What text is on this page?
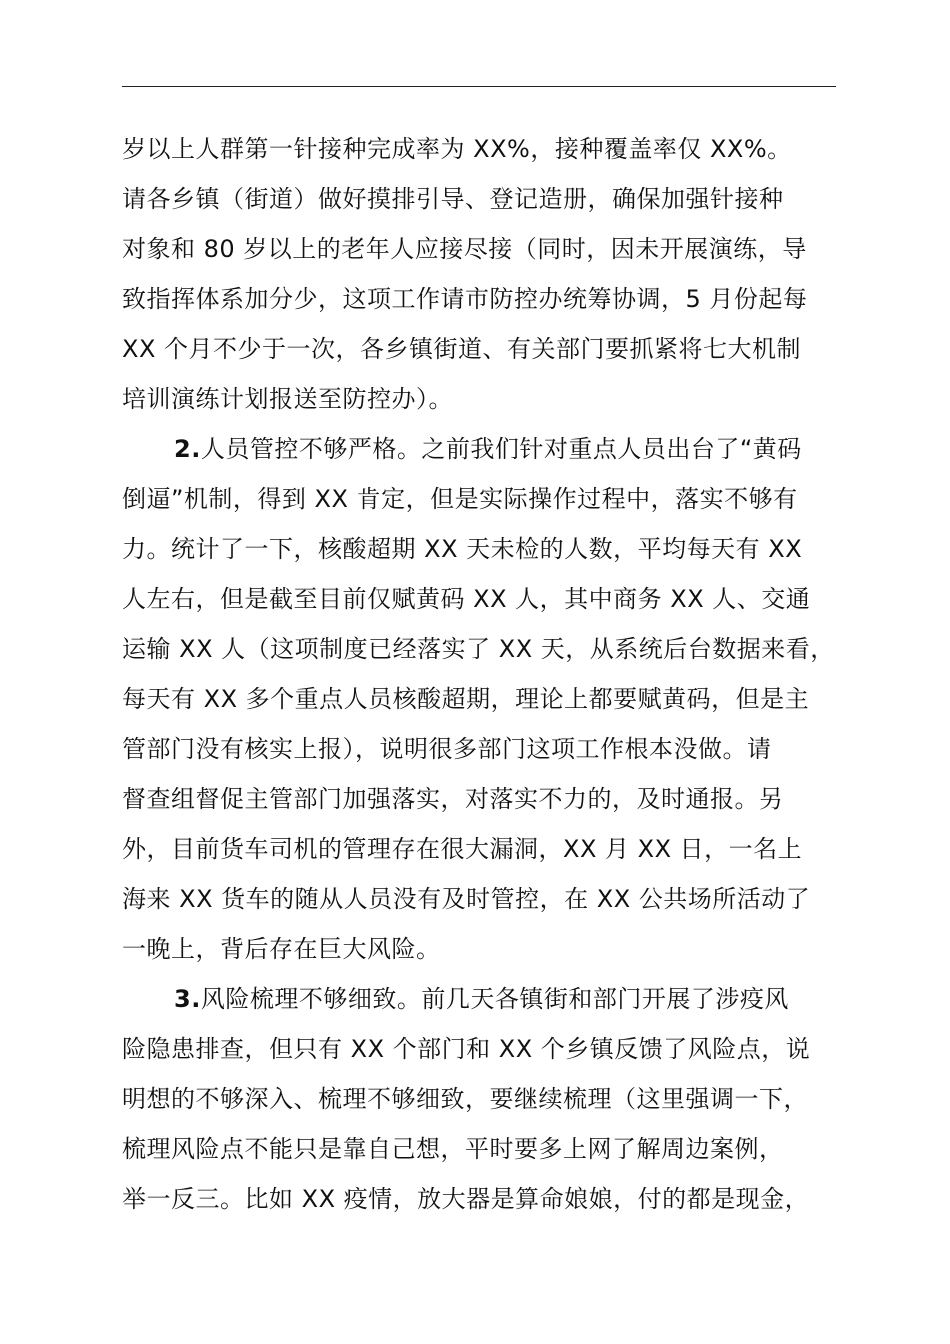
岁以上人群第一针接种完成率为 XX%，接种覆盖率仅 XX%。
请各乡镇（街道）做好摸排引导、登记造册，确保加强针接种
对象和 80 岁以上的老年人应接尽接（同时，因未开展演练，导
致指挥体系加分少，这项工作请市防控办统筹协调，5 月份起每
XX 个月不少于一次，各乡镇街道、有关部门要抓紧将七大机制
培训演练计划报送至防控办）。
2.人员管控不够严格。之前我们针对重点人员出台了“黄码
倒逼”机制，得到 XX 肯定，但是实际操作过程中，落实不够有
力。统计了一下，核酸超期 XX 天未检的人数，平均每天有 XX
人左右，但是截至目前仅赋黄码 XX 人，其中商务 XX 人、交通
运输 XX 人（这项制度已经落实了 XX 天，从系统后台数据来看，
每天有 XX 多个重点人员核酸超期，理论上都要赋黄码，但是主
管部门没有核实上报），说明很多部门这项工作根本没做。请
督查组督促主管部门加强落实，对落实不力的，及时通报。另
外，目前货车司机的管理存在很大漏洞，XX 月 XX 日，一名上
海来 XX 货车的随从人员没有及时管控，在 XX 公共场所活动了
一晚上，背后存在巨大风险。
3.风险梳理不够细致。前几天各镇街和部门开展了涉疫风
险隐患排查，但只有 XX 个部门和 XX 个乡镇反馈了风险点，说
明想的不够深入、梳理不够细致，要继续梳理（这里强调一下，
梳理风险点不能只是靠自己想，平时要多上网了解周边案例，
举一反三。比如 XX 疫情，放大器是算命娘娘，付的都是现金，
